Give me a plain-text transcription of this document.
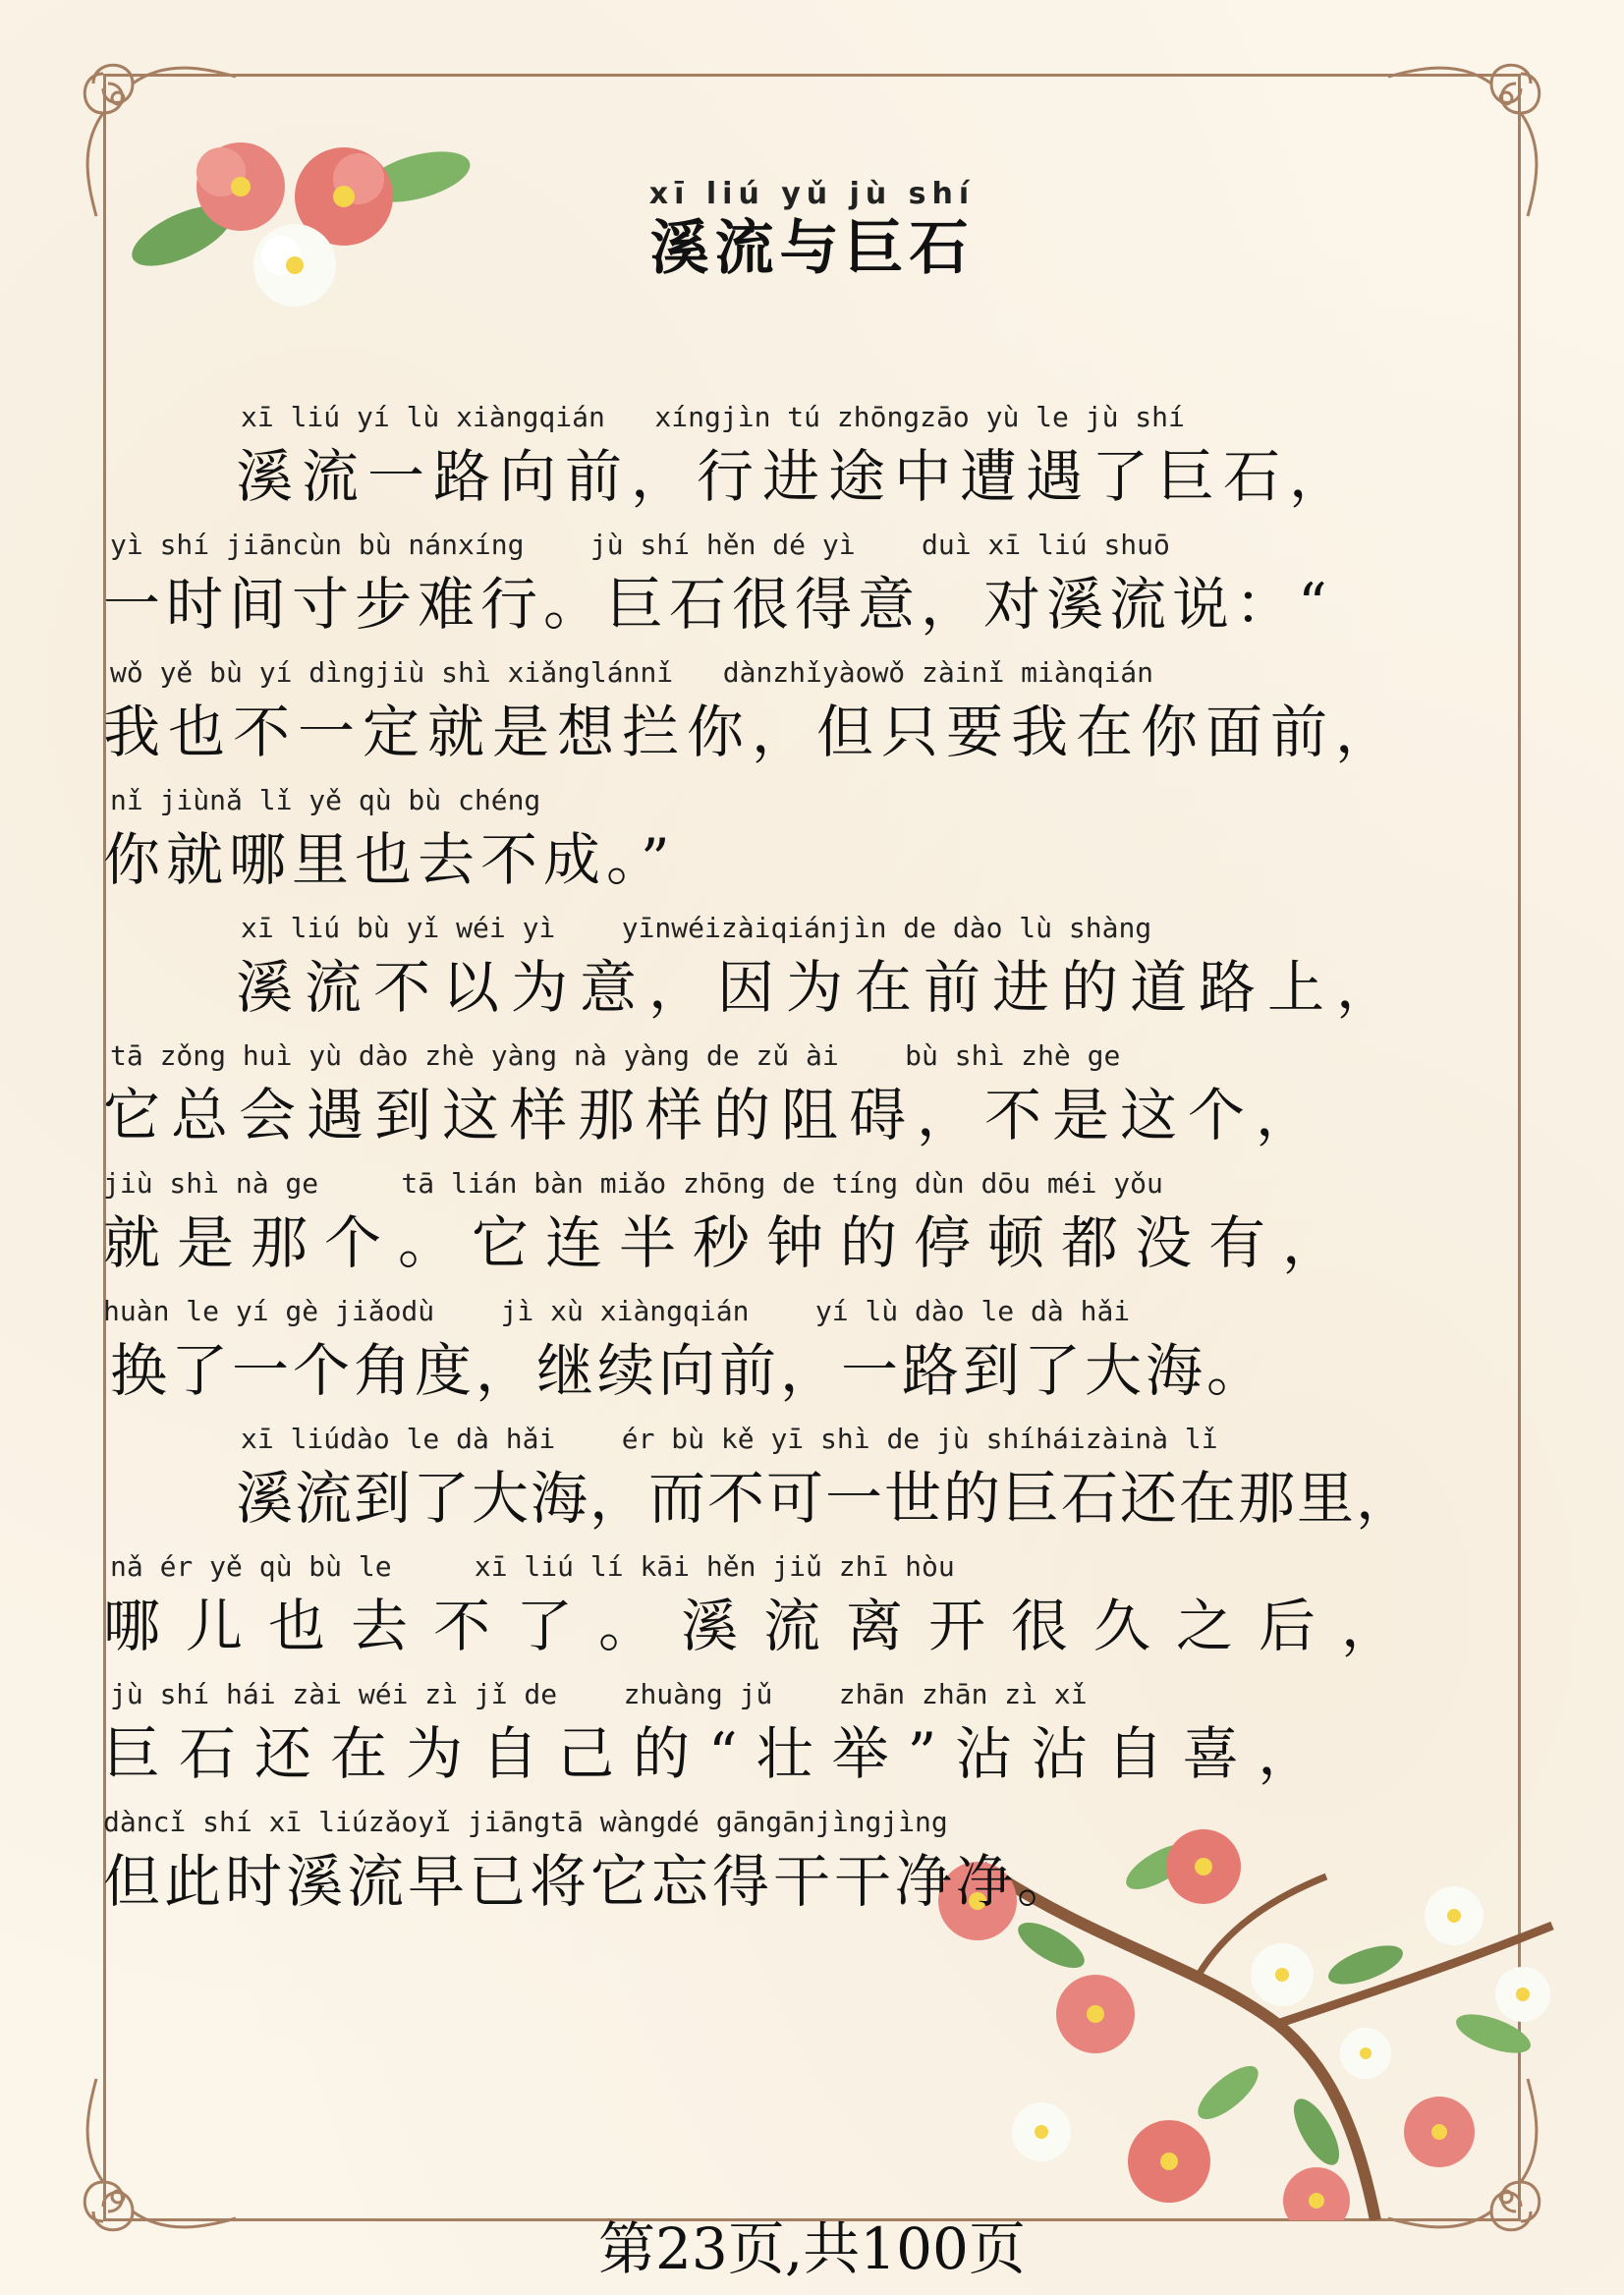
xī liú yǔ jù shí
溪流与巨石
xī liú yí lù xiàngqián   xíngjìn tú zhōngzāo yù le jù shí
溪流一路向前，行进途中遭遇了巨石，
yì shí jiāncùn bù nánxíng    jù shí hěn dé yì    duì xī liú shuō
一时间寸步难行。巨石很得意，对溪流说：“
wǒ yě bù yí dìngjiù shì xiǎnglánnǐ   dànzhǐyàowǒ zàinǐ miànqián
我也不一定就是想拦你，但只要我在你面前，
nǐ jiùnǎ lǐ yě qù bù chéng
你就哪里也去不成。”
xī liú bù yǐ wéi yì    yīnwéizàiqiánjìn de dào lù shàng
溪流不以为意，因为在前进的道路上，
tā zǒng huì yù dào zhè yàng nà yàng de zǔ ài    bù shì zhè ge
它总会遇到这样那样的阻碍，不是这个，
jiù shì nà ge     tā lián bàn miǎo zhōng de tíng dùn dōu méi yǒu
就是那个。它连半秒钟的停顿都没有，
huàn le yí gè jiǎodù    jì xù xiàngqián    yí lù dào le dà hǎi
换了一个角度，继续向前，一路到了大海。
xī liúdào le dà hǎi    ér bù kě yī shì de jù shíháizàinà lǐ
溪流到了大海，而不可一世的巨石还在那里，
nǎ ér yě qù bù le     xī liú lí kāi hěn jiǔ zhī hòu
哪儿也去不了。溪流离开很久之后，
jù shí hái zài wéi zì jǐ de    zhuàng jǔ    zhān zhān zì xǐ
巨石还在为自己的“壮举”沾沾自喜，
dàncǐ shí xī liúzǎoyǐ jiāngtā wàngdé gāngānjìngjìng
但此时溪流早已将它忘得干干净净。
第23页,共100页
